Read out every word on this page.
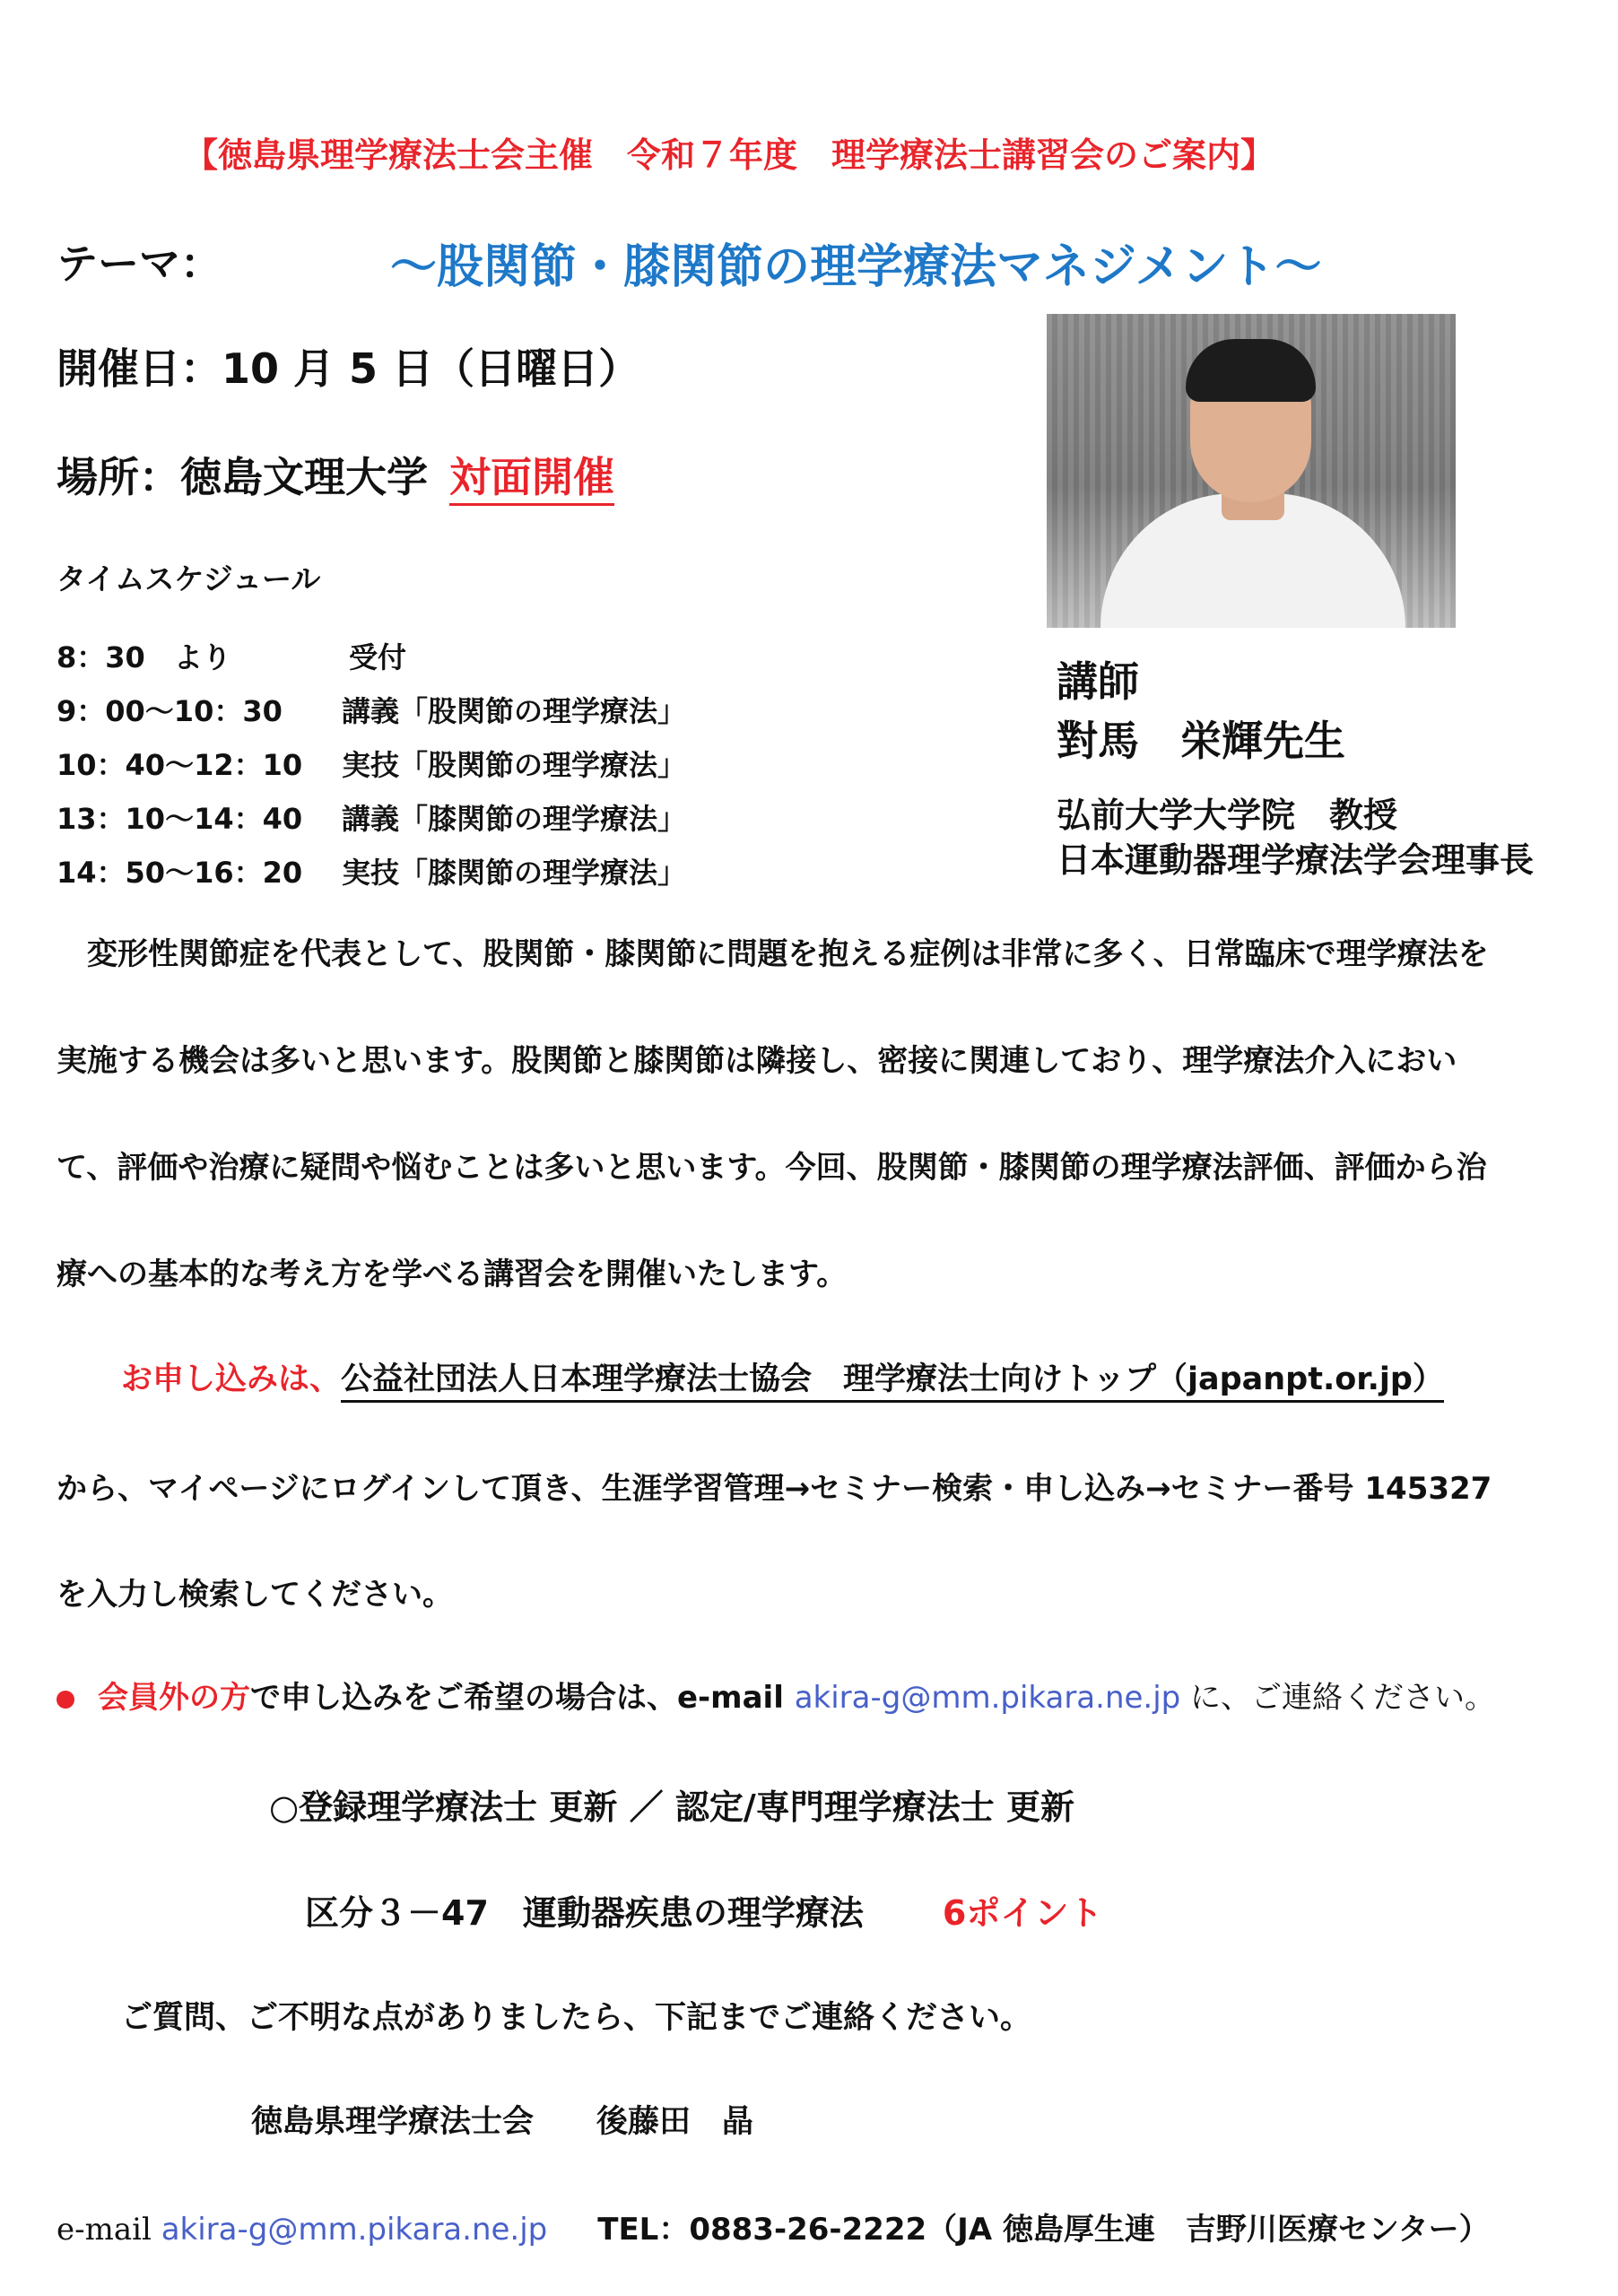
【徳島県理学療法士会主催　令和７年度　理学療法士講習会のご案内】
テーマ：	～股関節・膝関節の理学療法マネジメント～
開催日：10 月 5 日（日曜日）
場所：徳島文理大学 対面開催
タイムスケジュール
8：30　より	受付
9：00～10：30 講義「股関節の理学療法」
10：40～12：10 実技「股関節の理学療法」
13：10～14：40 講義「膝関節の理学療法」
14：50～16：20 実技「膝関節の理学療法」
講師
對馬　栄輝先生
弘前大学大学院　教授
日本運動器理学療法学会理事長
　変形性関節症を代表として、股関節・膝関節に問題を抱える症例は非常に多く、日常臨床で理学療法を
実施する機会は多いと思います。股関節と膝関節は隣接し、密接に関連しており、理学療法介入におい
て、評価や治療に疑問や悩むことは多いと思います。今回、股関節・膝関節の理学療法評価、評価から治
療への基本的な考え方を学べる講習会を開催いたします。
お申し込みは、公益社団法人日本理学療法士協会　理学療法士向けトップ（japanpt.or.jp）
から、マイページにログインして頂き、生涯学習管理→セミナー検索・申し込み→セミナー番号 145327
を入力し検索してください。
会員外の方で申し込みをご希望の場合は、e-mail akira-g@mm.pikara.ne.jp に、ご連絡ください。
○登録理学療法士 更新 ／ 認定/専門理学療法士 更新
区分３－47　運動器疾患の理学療法 6ポイント
ご質問、ご不明な点がありましたら、下記までご連絡ください。
徳島県理学療法士会　　後藤田　晶
e-mail akira-g@mm.pikara.ne.jp TEL：0883-26-2222（JA 徳島厚生連　吉野川医療センター）
